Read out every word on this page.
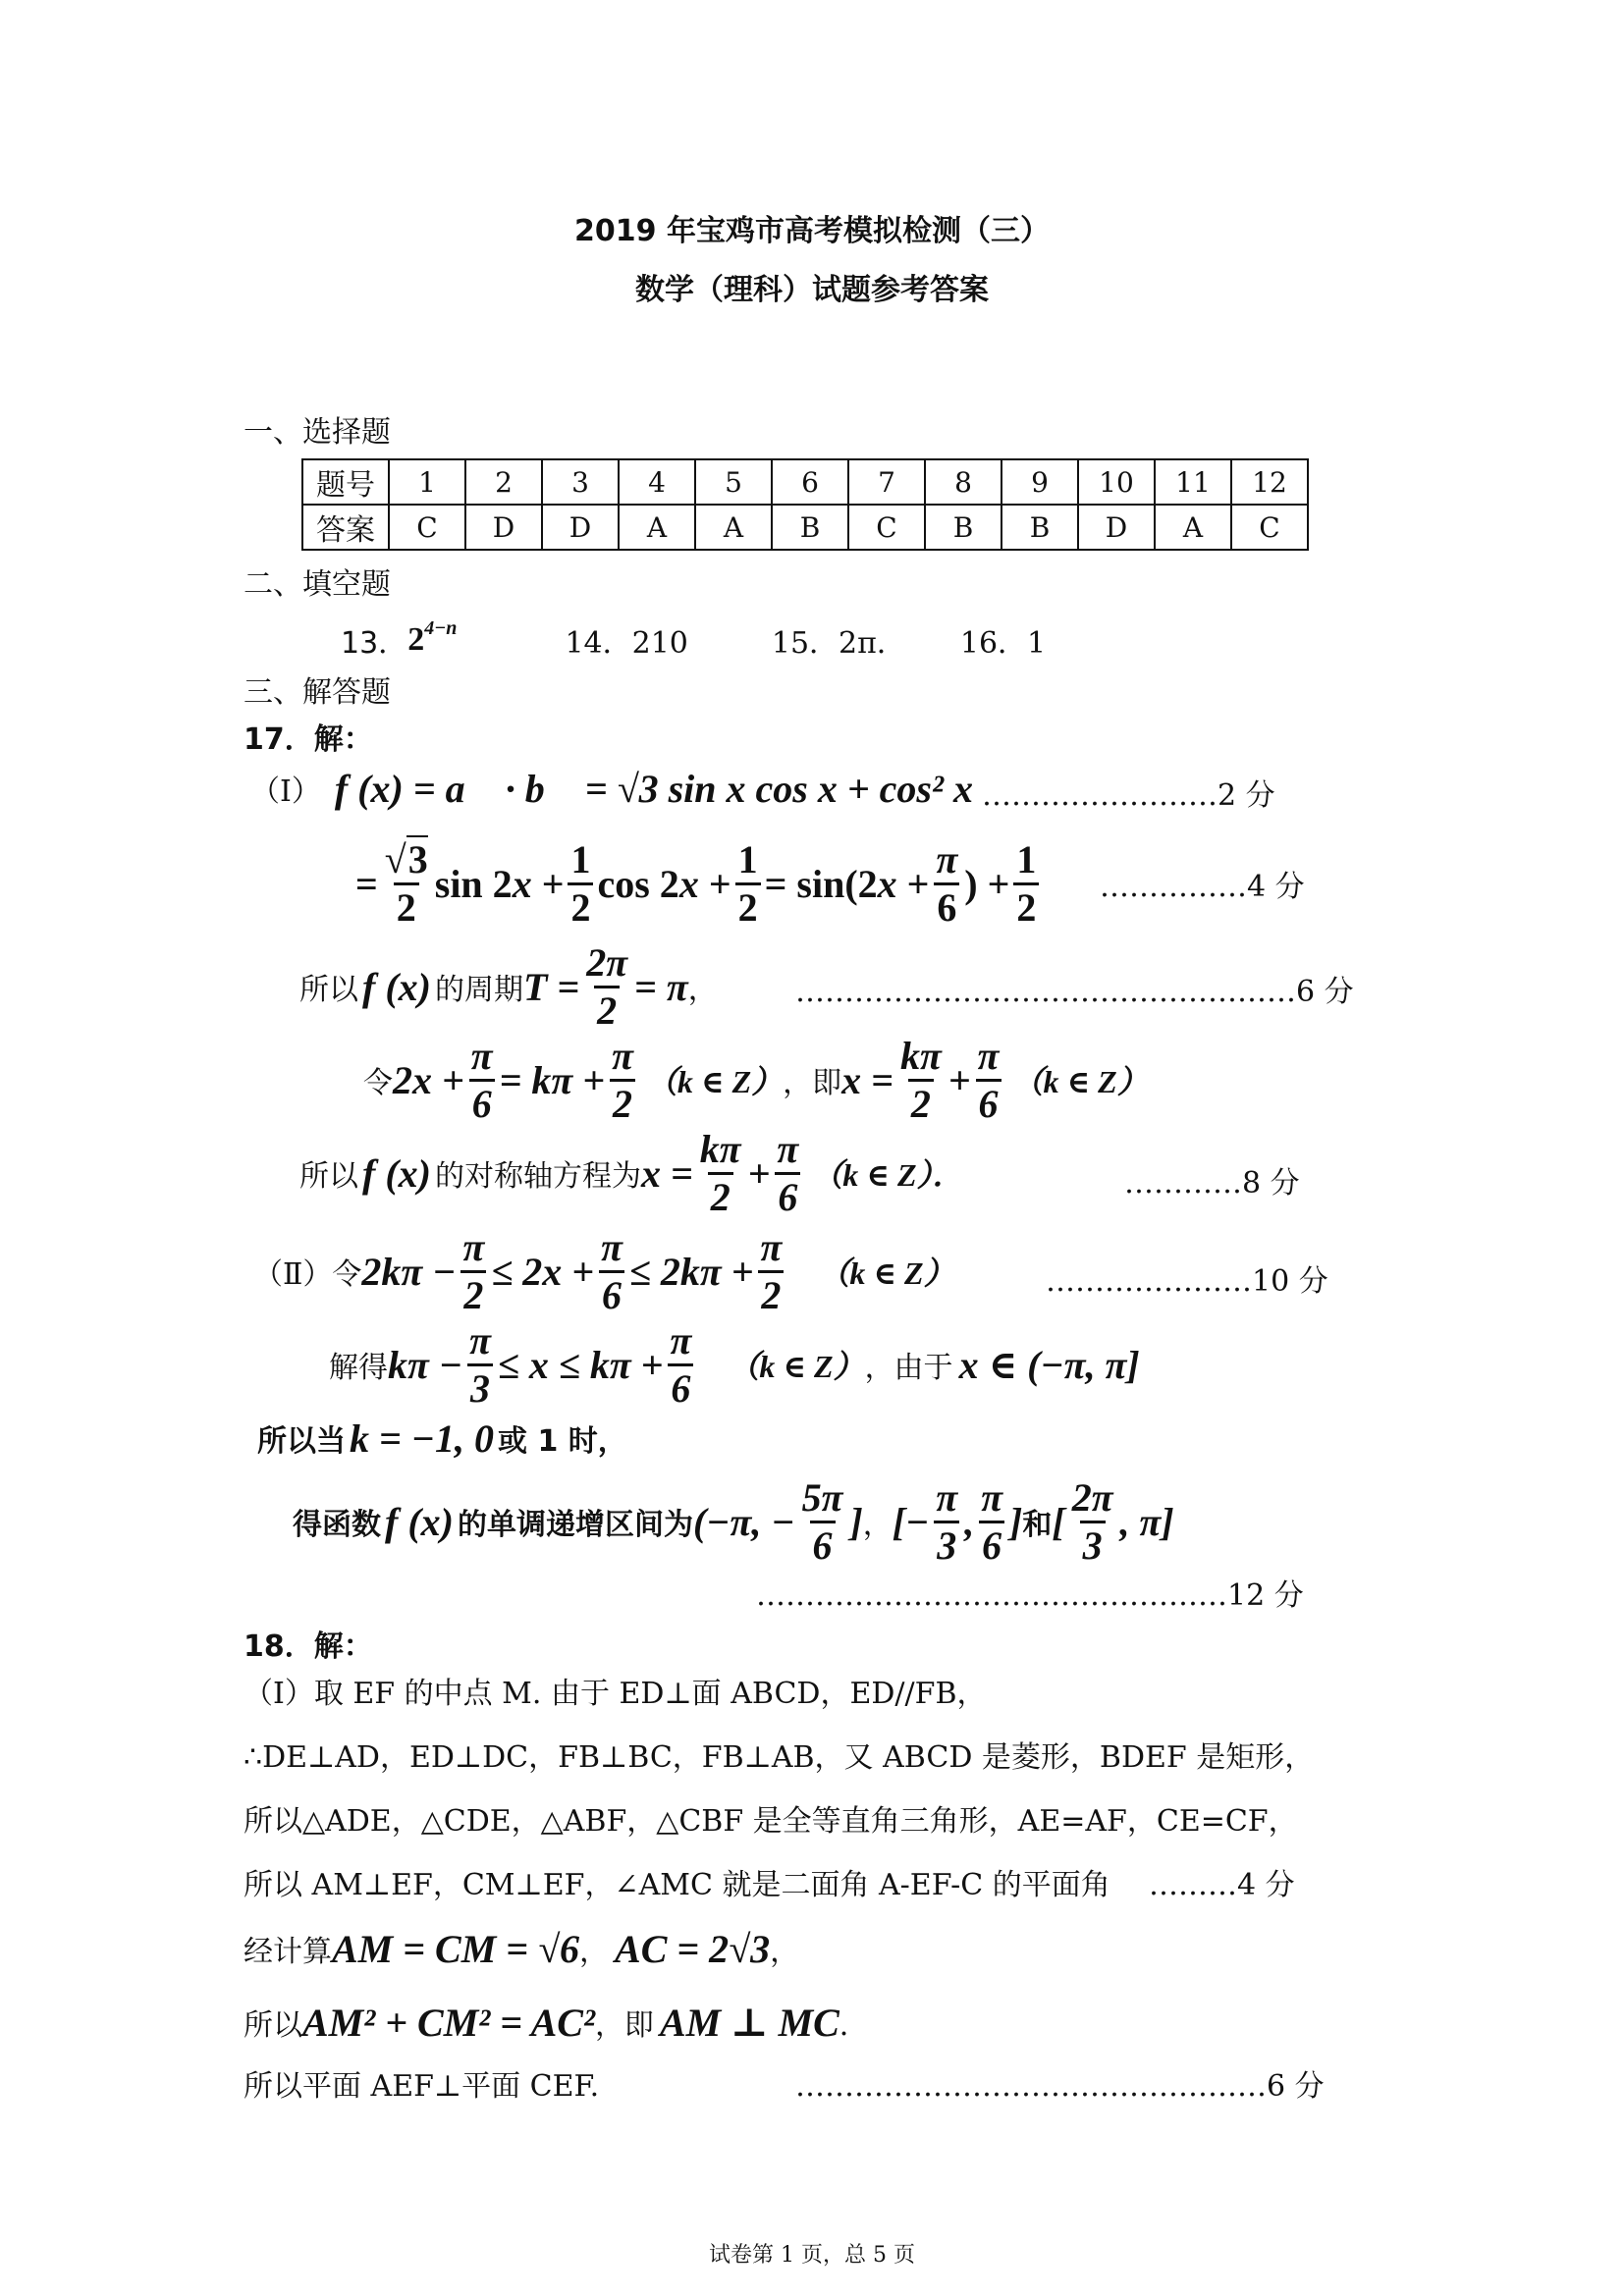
2019 年宝鸡市高考模拟检测（三）
数学（理科）试题参考答案
一、选择题
题号	1	2	3	4	5	6	7	8	9	10	11	12
答案	C	D	D	A	A	B	C	B	B	D	A	C
二、填空题
13． $2^{4-n}$	14．210	15．2π． 16．1
三、解答题
17．解：
（Ⅰ） f (x) = a⃗ · b⃗ = √3 sin x cos x + cos² x ……………………2 分
= $\frac{√3}{2}$ $\sin 2x + \frac{1}{2}$ $\cos 2x + \frac{1}{2} = \sin(2x + \frac{\pi}{6}$ ) + $\frac{1}{2}$ ……………4 分
所以 f (x) 的周期 $T = \frac{2\pi}{2} = \pi$ ，	……………………………………………6 分
令 $2x + \frac{\pi}{6} = k\pi + \frac{\pi}{2} (k$ ∈ Z） ，即 $x = \frac{k\pi}{2} + \frac{\pi}{6} (k$ ∈ Z）
所以 f (x) 的对称轴方程为 $x = \frac{k\pi}{2} + \frac{\pi}{6} (k$ ∈ Z）．	…………8 分
（Ⅱ）令 $2k\pi - \frac{\pi}{2} \le 2x + \frac{\pi}{6} \le 2k\pi + \frac{\pi}{2} (k$ ∈ Z）	…………………10 分
解得 $k\pi - \frac{\pi}{3} \le x \le k\pi + \frac{\pi}{6} (k$ ∈ Z） ，由于 x ∈ (−π, π]
所以当 k = −1, 0 或 1 时，
得函数 f (x) 的单调递增区间为 (−π, − $\frac{5\pi}{6}$ ] ， [− $\frac{\pi}{3}$ , $\frac{\pi}{6}$ ] 和 [ $\frac{2\pi}{3}$ , π]
…………………………………………12 分
18．解：
（Ⅰ）取 EF 的中点 M. 由于 ED⊥面 ABCD，ED//FB，
∴DE⊥AD，ED⊥DC，FB⊥BC，FB⊥AB，又 ABCD 是菱形，BDEF 是矩形，
所以△ADE，△CDE，△ABF，△CBF 是全等直角三角形，AE=AF，CE=CF，
所以 AM⊥EF，CM⊥EF，∠AMC 就是二面角 A-EF-C 的平面角 ………4 分
经计算 AM = CM = √6 ， AC = 2√3 ，
所以 AM² + CM² = AC² ，即 AM ⊥ MC ．
所以平面 AEF⊥平面 CEF.	…………………………………………6 分
试卷第 1 页，总 5 页
